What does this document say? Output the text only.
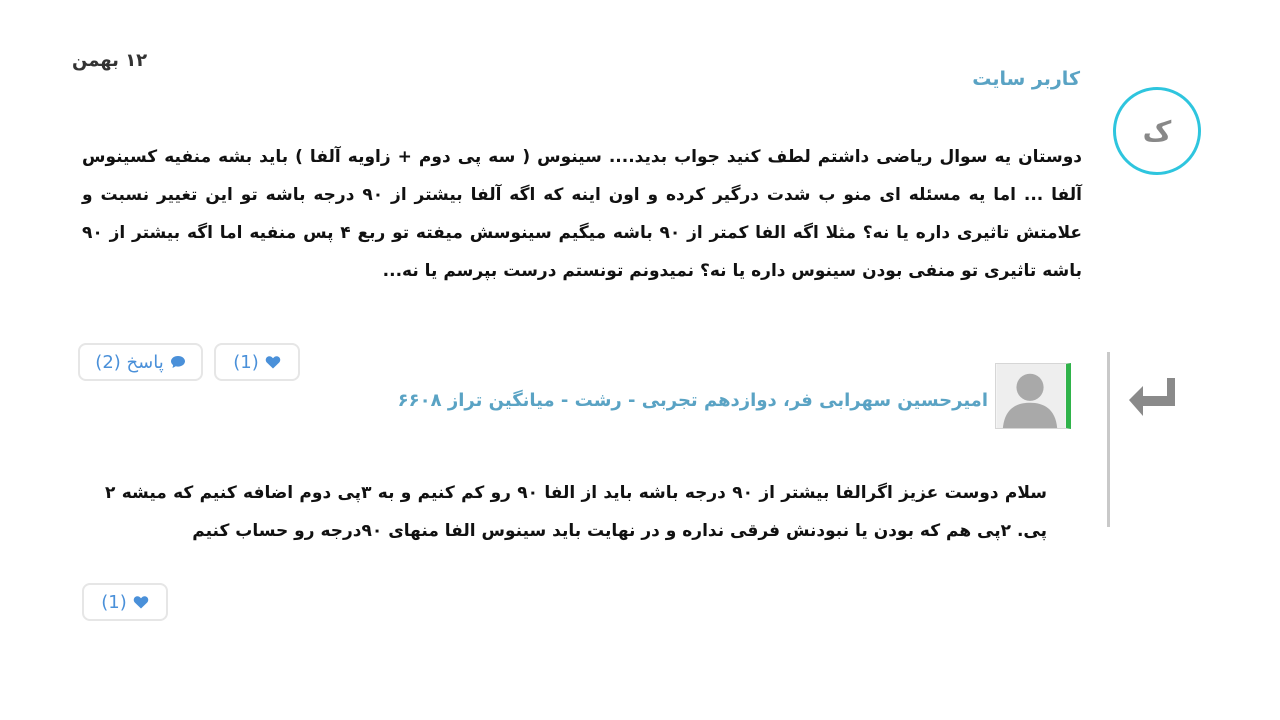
۱۲ بهمن
کاربر سایت
ک
دوستان یه سوال ریاضی داشتم لطف کنید جواب بدید.... سینوس ( سه پی دوم + زاویه آلفا ) باید بشه منفیه کسینوس آلفا ... اما یه مسئله ای منو ب شدت درگیر کرده و اون اینه که اگه آلفا بیشتر از ۹۰ درجه باشه تو این تغییر نسبت و علامتش تاثیری داره یا نه؟ مثلا اگه الفا کمتر از ۹۰ باشه میگیم سینوسش میفته تو ربع ۴ پس منفیه اما اگه بیشتر از ۹۰ باشه تاثیری تو منفی بودن سینوس داره یا نه؟ نمیدونم تونستم درست بپرسم یا نه...
پاسخ (2)	(1)
امیرحسین سهرابی فر، دوازدهم تجربی - رشت - میانگین تراز ۶۶۰۸
سلام دوست عزیز اگرالفا بیشتر از ۹۰ درجه باشه باید از الفا ۹۰ رو کم کنیم و به ۳پی دوم اضافه کنیم که میشه ۲ پی. ۲پی هم که بودن یا نبودنش فرقی نداره و در نهایت باید سینوس الفا منهای ۹۰درجه رو حساب کنیم
(1)
